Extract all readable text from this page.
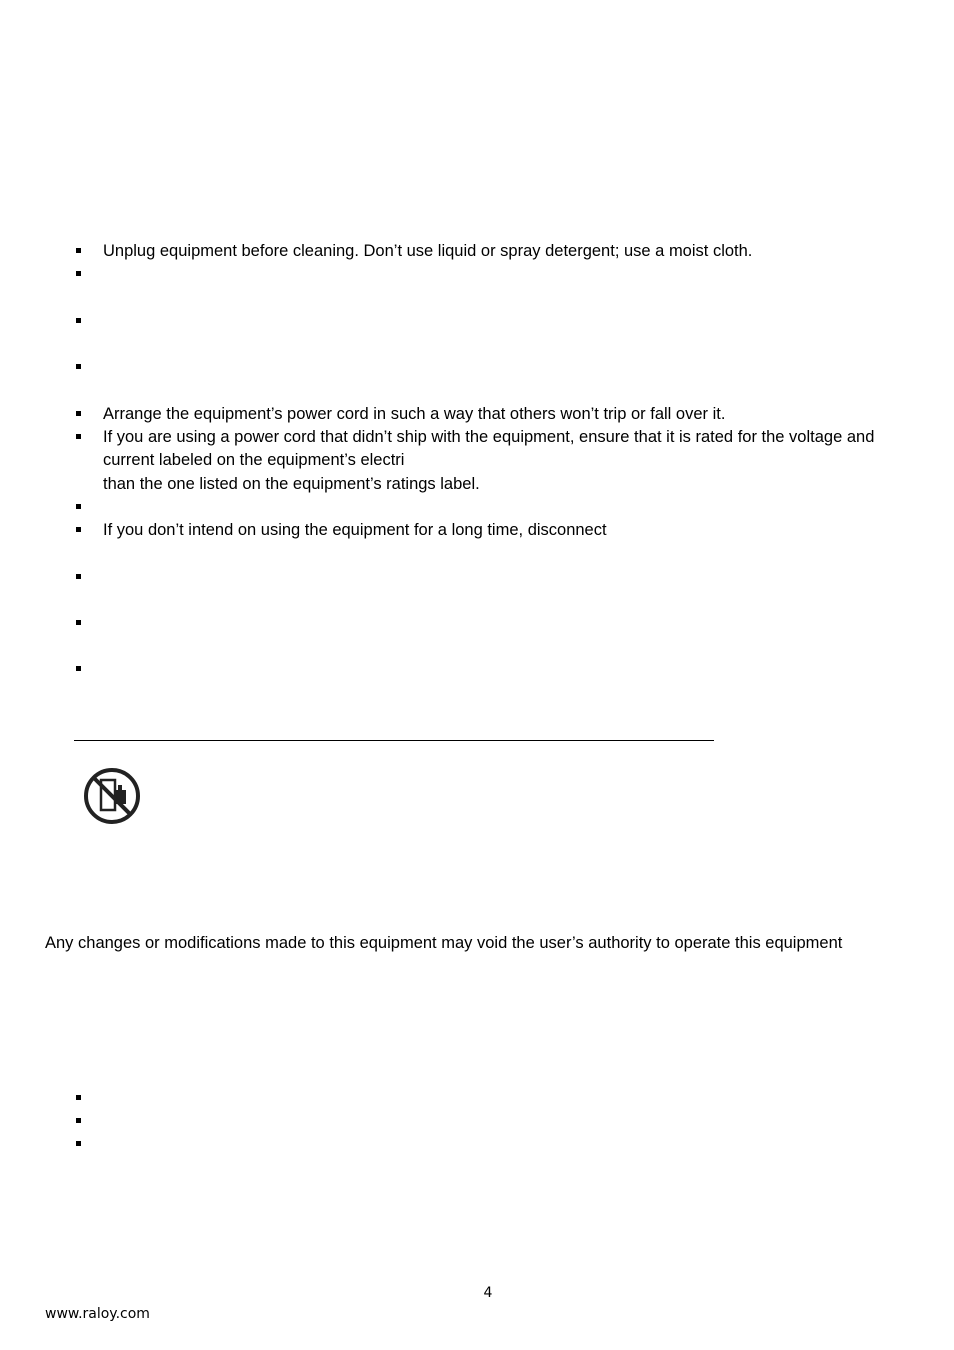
Unplug equipment before cleaning. Don’t use liquid or spray detergent; use a moist cloth.
Arrange the equipment’s power cord in such a way that others won’t trip or fall over it.
If you are using a power cord that didn’t ship with the equipment, ensure that it is rated for the voltage and
current labeled on the equipment’s electri
than the one listed on the equipment’s ratings label.
If you don’t intend on using the equipment for a long time, disconnect
Any changes or modifications made to this equipment may void the user’s authority to operate this equipment
4
www.raloy.com
